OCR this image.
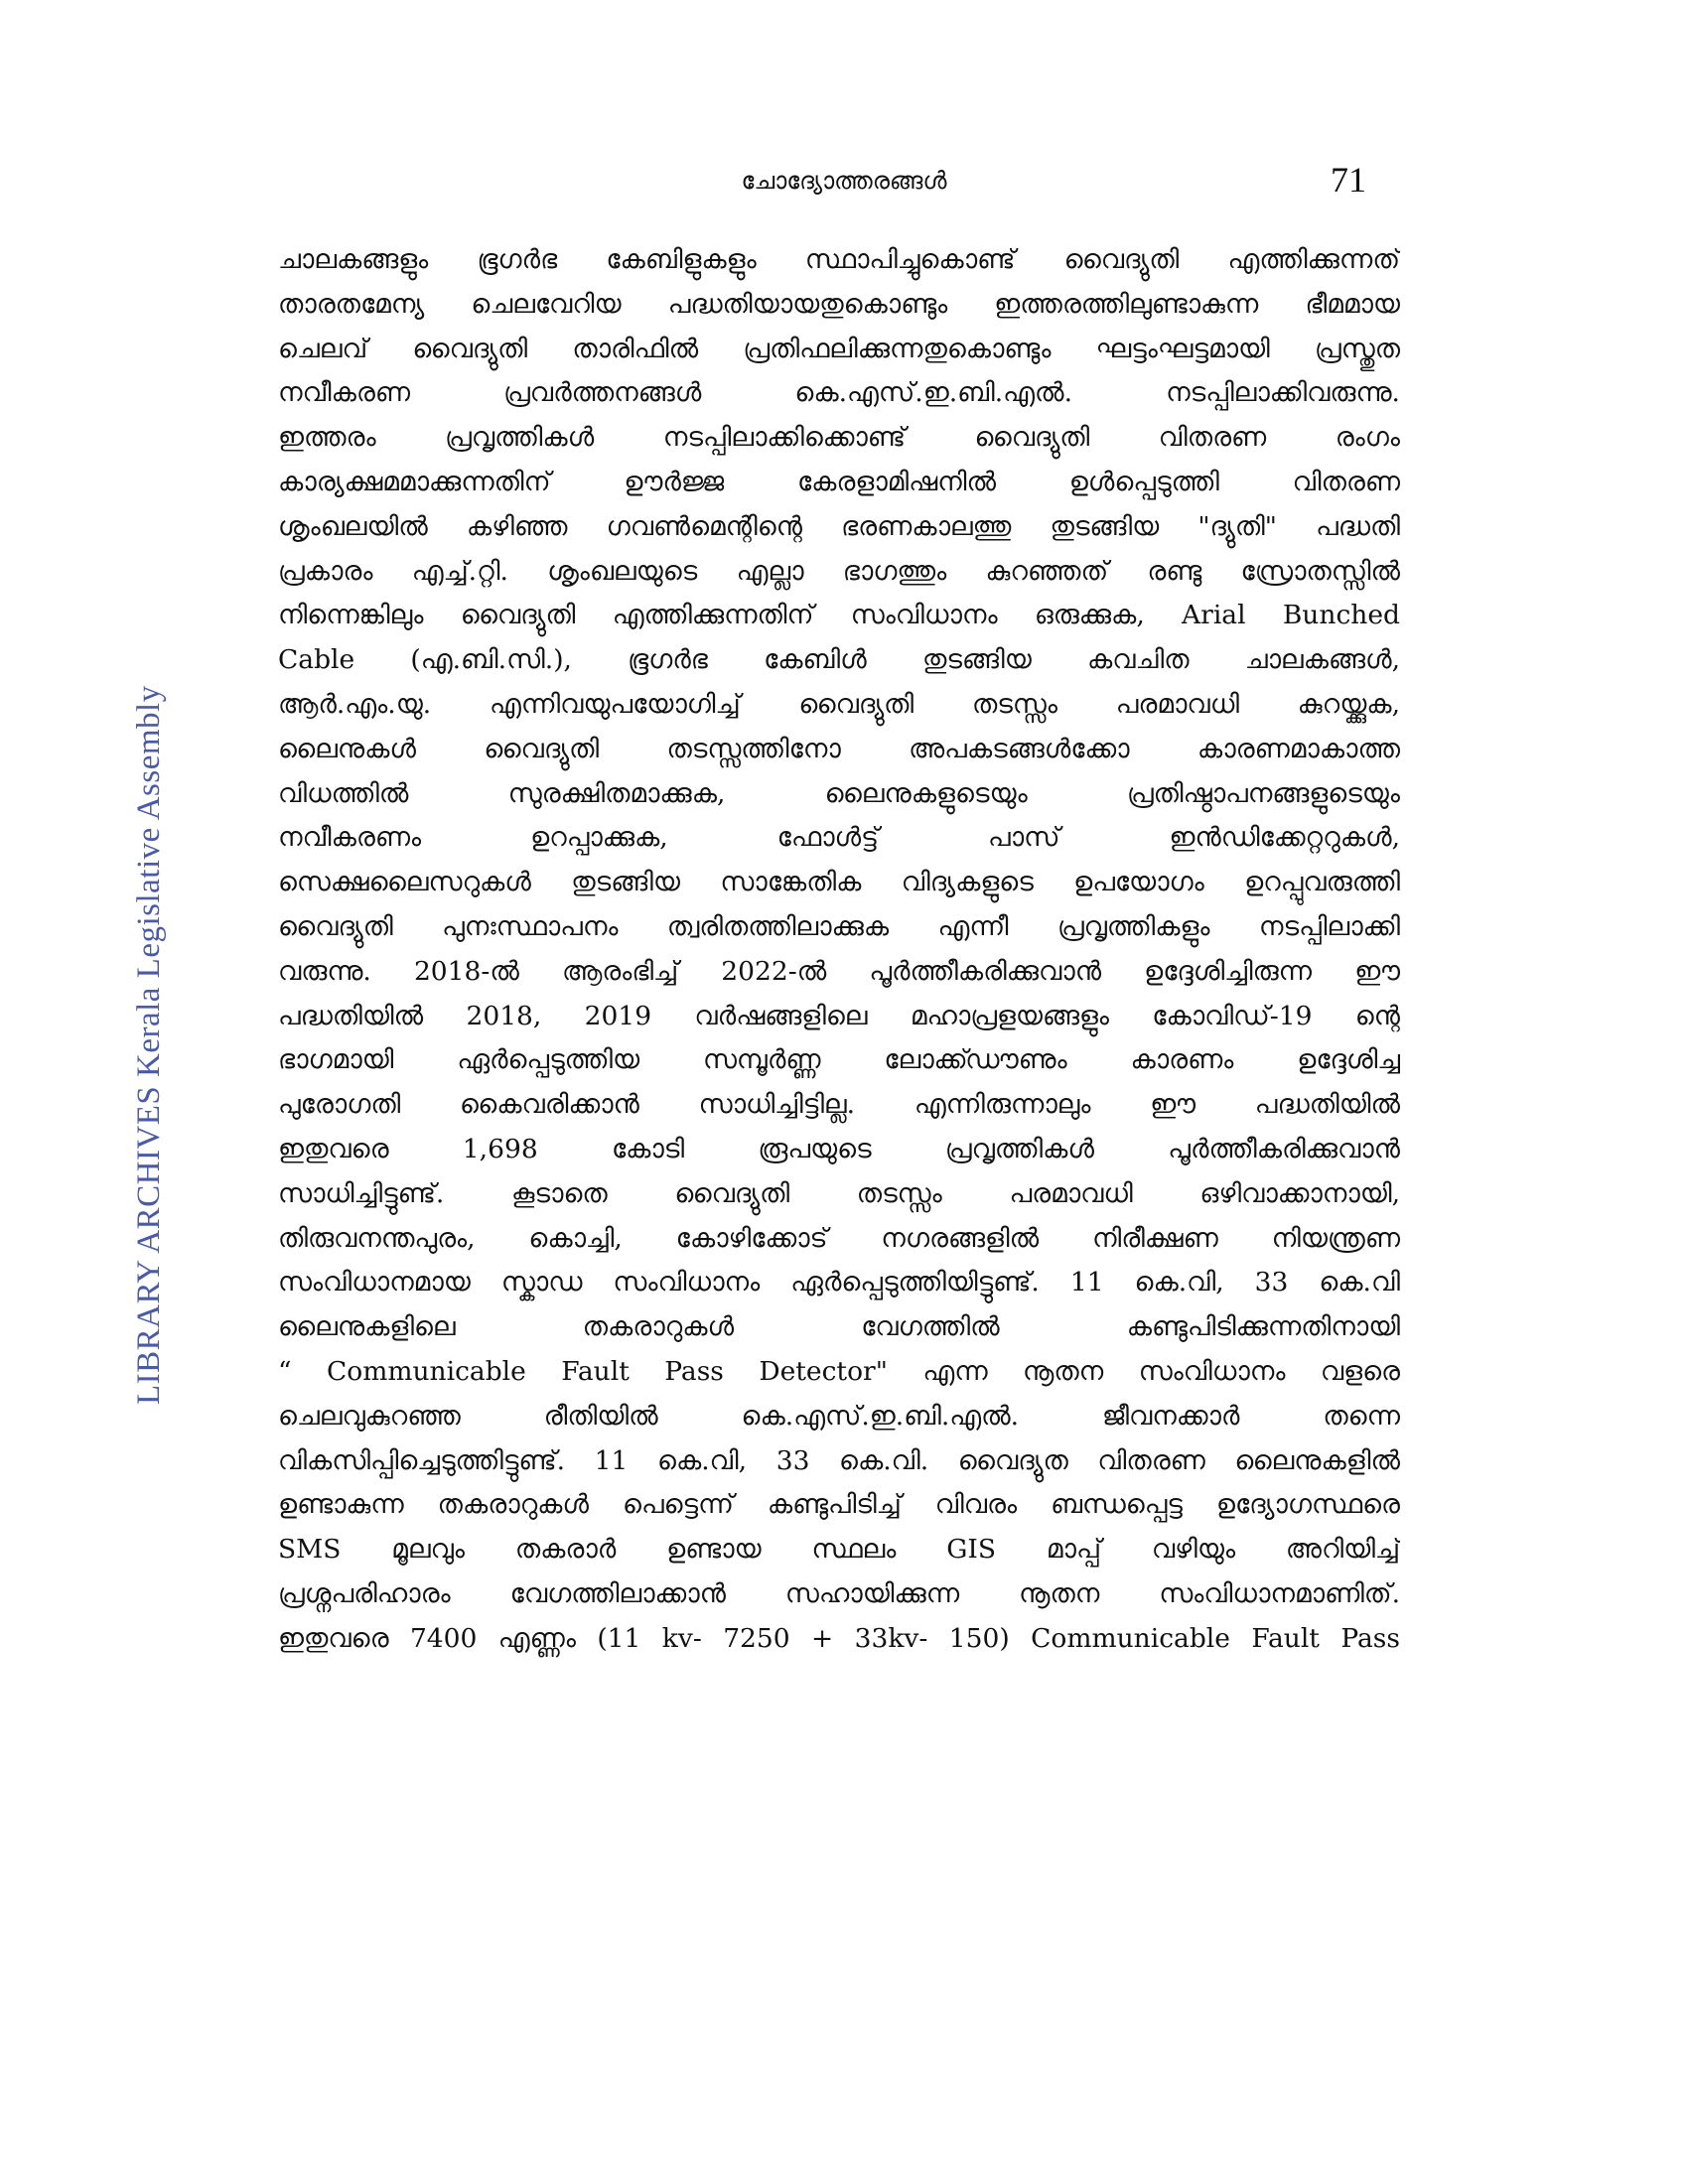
ചോദ്യോത്തരങ്ങൾ	71
LIBRARY ARCHIVES Kerala Legislative Assembly
ചാലകങ്ങളും ഭൂഗർഭ കേബിളുകളും സ്ഥാപിച്ചുകൊണ്ട് വൈദ്യുതി എത്തിക്കുന്നത്
താരതമേന്യ ചെലവേറിയ പദ്ധതിയായതുകൊണ്ടും ഇത്തരത്തിലുണ്ടാകുന്ന ഭീമമായ
ചെലവ് വൈദ്യുതി താരിഫിൽ പ്രതിഫലിക്കുന്നതുകൊണ്ടും ഘട്ടംഘട്ടമായി പ്രസ്തുത
നവീകരണ പ്രവർത്തനങ്ങൾ കെ.എസ്.ഇ.ബി.എൽ. നടപ്പിലാക്കിവരുന്നു.
ഇത്തരം പ്രവൃത്തികൾ നടപ്പിലാക്കിക്കൊണ്ട് വൈദ്യുതി വിതരണ രംഗം
കാര്യക്ഷമമാക്കുന്നതിന് ഊർജ്ജ കേരളാമിഷനിൽ ഉൾപ്പെടുത്തി വിതരണ
ശൃംഖലയിൽ കഴിഞ്ഞ ഗവൺമെന്റിന്റെ ഭരണകാലത്തു തുടങ്ങിയ "ദ്യുതി" പദ്ധതി
പ്രകാരം എച്ച്.റ്റി. ശൃംഖലയുടെ എല്ലാ ഭാഗത്തും കുറഞ്ഞത് രണ്ടു സ്രോതസ്സിൽ
നിന്നെങ്കിലും വൈദ്യുതി എത്തിക്കുന്നതിന് സംവിധാനം ഒരുക്കുക, Arial Bunched
Cable (എ.ബി.സി.), ഭൂഗർഭ കേബിൾ തുടങ്ങിയ കവചിത ചാലകങ്ങൾ,
ആർ.എം.യു. എന്നിവയുപയോഗിച്ച് വൈദ്യുതി തടസ്സം പരമാവധി കുറയ്ക്കുക,
ലൈനുകൾ വൈദ്യുതി തടസ്സത്തിനോ അപകടങ്ങൾക്കോ കാരണമാകാത്ത
വിധത്തിൽ സുരക്ഷിതമാക്കുക, ലൈനുകളുടെയും പ്രതിഷ്ഠാപനങ്ങളുടെയും
നവീകരണം ഉറപ്പാക്കുക, ഫോൾട്ട് പാസ് ഇൻഡിക്കേറ്ററുകൾ,
സെക്ഷലൈസറുകൾ തുടങ്ങിയ സാങ്കേതിക വിദ്യകളുടെ ഉപയോഗം ഉറപ്പുവരുത്തി
വൈദ്യുതി പുനഃസ്ഥാപനം ത്വരിതത്തിലാക്കുക എന്നീ പ്രവൃത്തികളും നടപ്പിലാക്കി
വരുന്നു. 2018-ൽ ആരംഭിച്ച് 2022-ൽ പൂർത്തീകരിക്കുവാൻ ഉദ്ദേശിച്ചിരുന്ന ഈ
പദ്ധതിയിൽ 2018, 2019 വർഷങ്ങളിലെ മഹാപ്രളയങ്ങളും കോവിഡ്-19 ന്റെ
ഭാഗമായി ഏർപ്പെടുത്തിയ സമ്പൂർണ്ണ ലോക്ക്ഡൗണും കാരണം ഉദ്ദേശിച്ച
പുരോഗതി കൈവരിക്കാൻ സാധിച്ചിട്ടില്ല. എന്നിരുന്നാലും ഈ പദ്ധതിയിൽ
ഇതുവരെ 1,698 കോടി രൂപയുടെ പ്രവൃത്തികൾ പൂർത്തീകരിക്കുവാൻ
സാധിച്ചിട്ടുണ്ട്. കൂടാതെ വൈദ്യുതി തടസ്സം പരമാവധി ഒഴിവാക്കാനായി,
തിരുവനന്തപുരം, കൊച്ചി, കോഴിക്കോട് നഗരങ്ങളിൽ നിരീക്ഷണ നിയന്ത്രണ
സംവിധാനമായ സ്കാഡ സംവിധാനം ഏർപ്പെടുത്തിയിട്ടുണ്ട്. 11 കെ.വി, 33 കെ.വി
ലൈനുകളിലെ തകരാറുകൾ വേഗത്തിൽ കണ്ടുപിടിക്കുന്നതിനായി
“ Communicable Fault Pass Detector" എന്ന നൂതന സംവിധാനം വളരെ
ചെലവുകുറഞ്ഞ രീതിയിൽ കെ.എസ്.ഇ.ബി.എൽ. ജീവനക്കാർ തന്നെ
വികസിപ്പിച്ചെടുത്തിട്ടുണ്ട്. 11 കെ.വി, 33 കെ.വി. വൈദ്യുത വിതരണ ലൈനുകളിൽ
ഉണ്ടാകുന്ന തകരാറുകൾ പെട്ടെന്ന് കണ്ടുപിടിച്ച് വിവരം ബന്ധപ്പെട്ട ഉദ്യോഗസ്ഥരെ
SMS മൂലവും തകരാർ ഉണ്ടായ സ്ഥലം GIS മാപ്പ് വഴിയും അറിയിച്ച്
പ്രശ്നപരിഹാരം വേഗത്തിലാക്കാൻ സഹായിക്കുന്ന നൂതന സംവിധാനമാണിത്.
ഇതുവരെ 7400 എണ്ണം (11 kv- 7250 + 33kv- 150) Communicable Fault Pass
